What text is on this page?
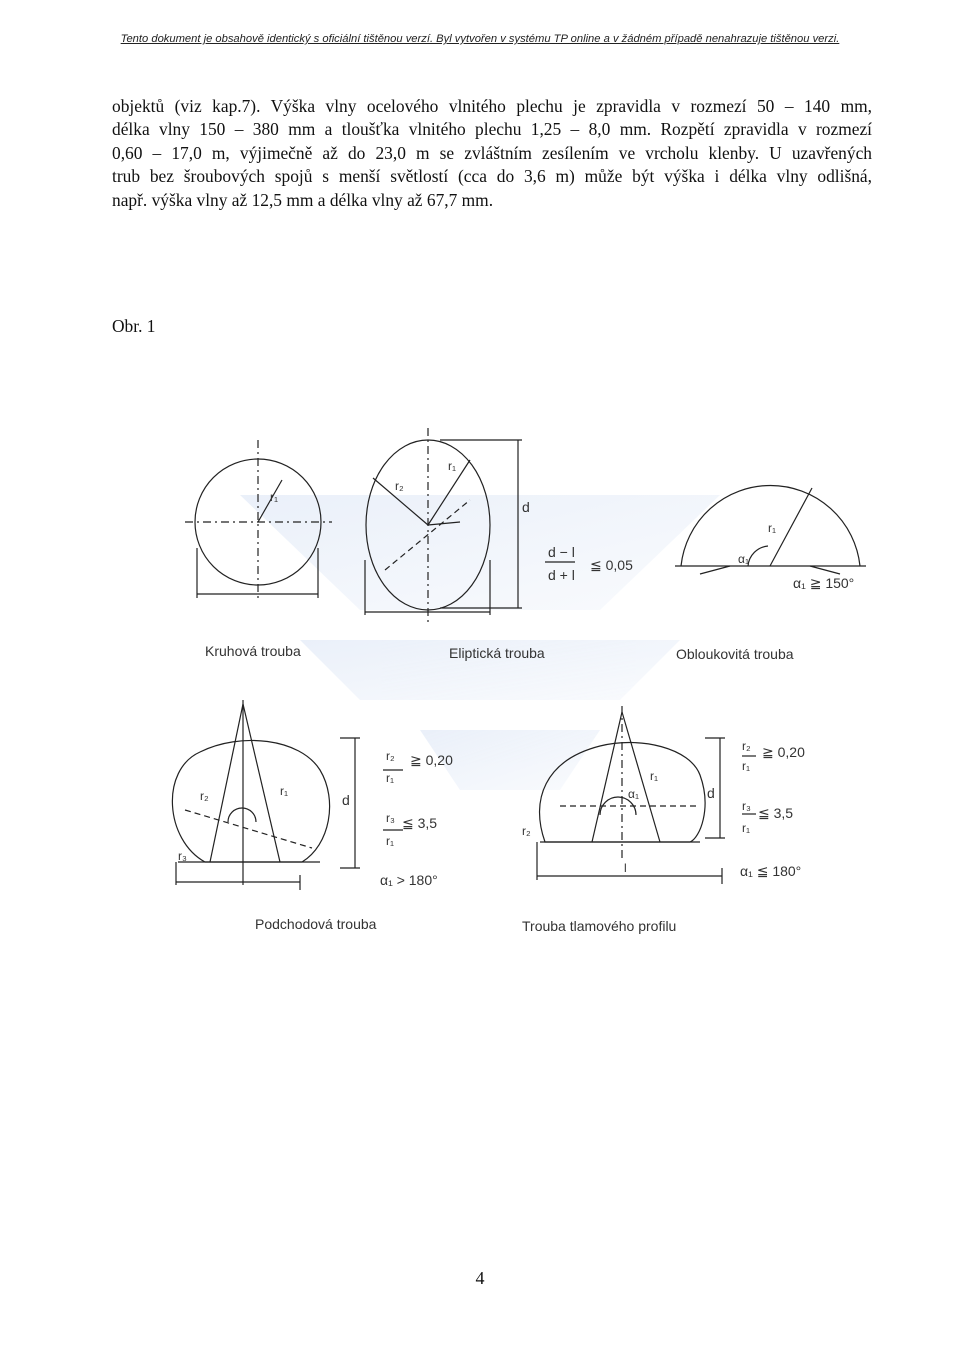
Tento dokument je obsahově identický s oficiální tištěnou verzí. Byl vytvořen v systému TP online a v žádném případě nenahrazuje tištěnou verzi.
objektů (viz kap.7). Výška vlny ocelového vlnitého plechu je zpravidla v rozmezí 50 – 140 mm,
délka vlny 150 – 380 mm a tloušťka vlnitého plechu 1,25 – 8,0 mm. Rozpětí zpravidla v rozmezí
0,60 – 17,0 m, výjimečně až do 23,0 m se zvláštním zesílením ve vrcholu klenby. U uzavřených
trub bez šroubových spojů s menší světlostí (cca do 3,6 m) může být výška i délka vlny odlišná,
např. výška vlny až 12,5 mm a délka vlny až 67,7 mm.
Obr. 1
r₁
r₂
r₁
d
d − l
d + l
≦ 0,05
r₁
α₁
α₁ ≧ 150°
r₂	r₁
r₃
d
r₂
r₁
≧ 0,20
r₃
r₁
≦ 3,5
α₁ > 180°
r₁
α₁
r₂
d
l
r₂
r₁
≧ 0,20
r₃
r₁
≦ 3,5
α₁ ≦ 180°
Kruhová trouba	Eliptická trouba	Obloukovitá trouba
Podchodová trouba	Trouba tlamového profilu
4
